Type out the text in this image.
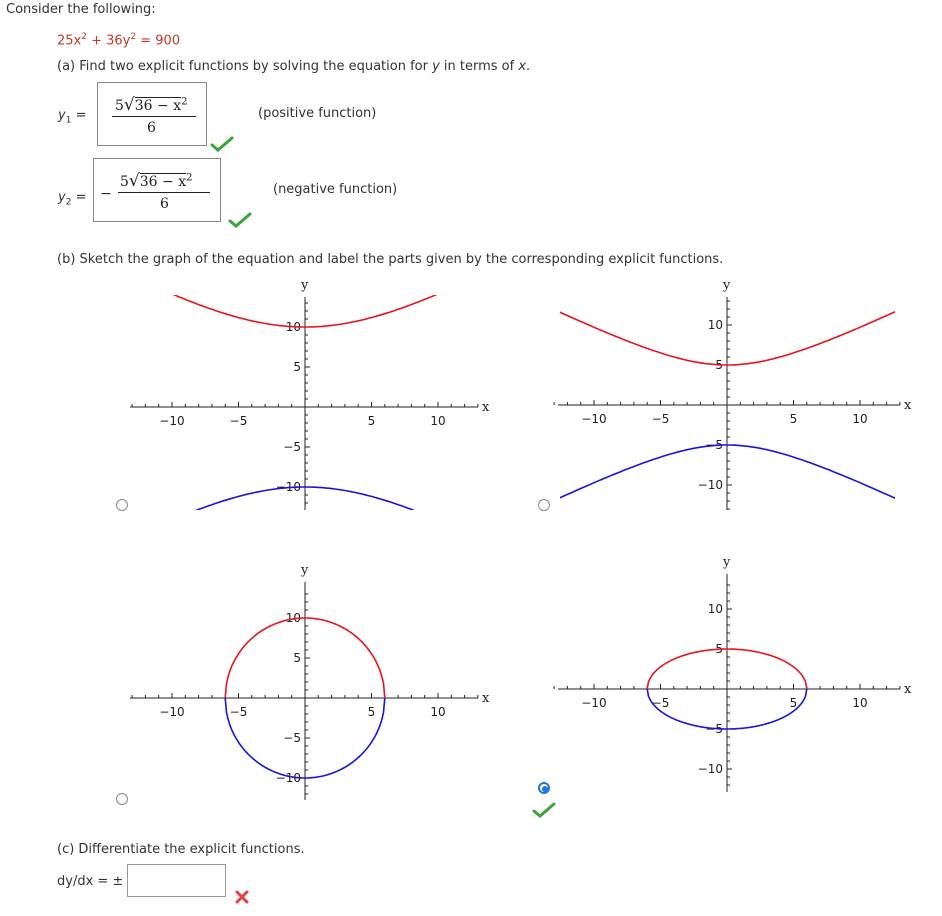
Consider the following:
$25x^2 + 36y^2 = 900$
(a) Find two explicit functions by solving the equation for y in terms of x.
$y_1$ =
$5√36 - x^2$
6
(positive function)
$y_2$ = −
$5√36 - x^2$
6
(negative function)
(b) Sketch the graph of the equation and label the parts given by the corresponding explicit functions.
x
y
−10	−5	5	10
10
5
−5
−10
x
y
−10	−5	5	10
10
5
−5
−10
x
y
−10	−5	5	10
10
5
−5
−10
x
y
−10	−5	5	10
10
5
−5
−10
(c) Differentiate the explicit functions.
dy/dx = ±
